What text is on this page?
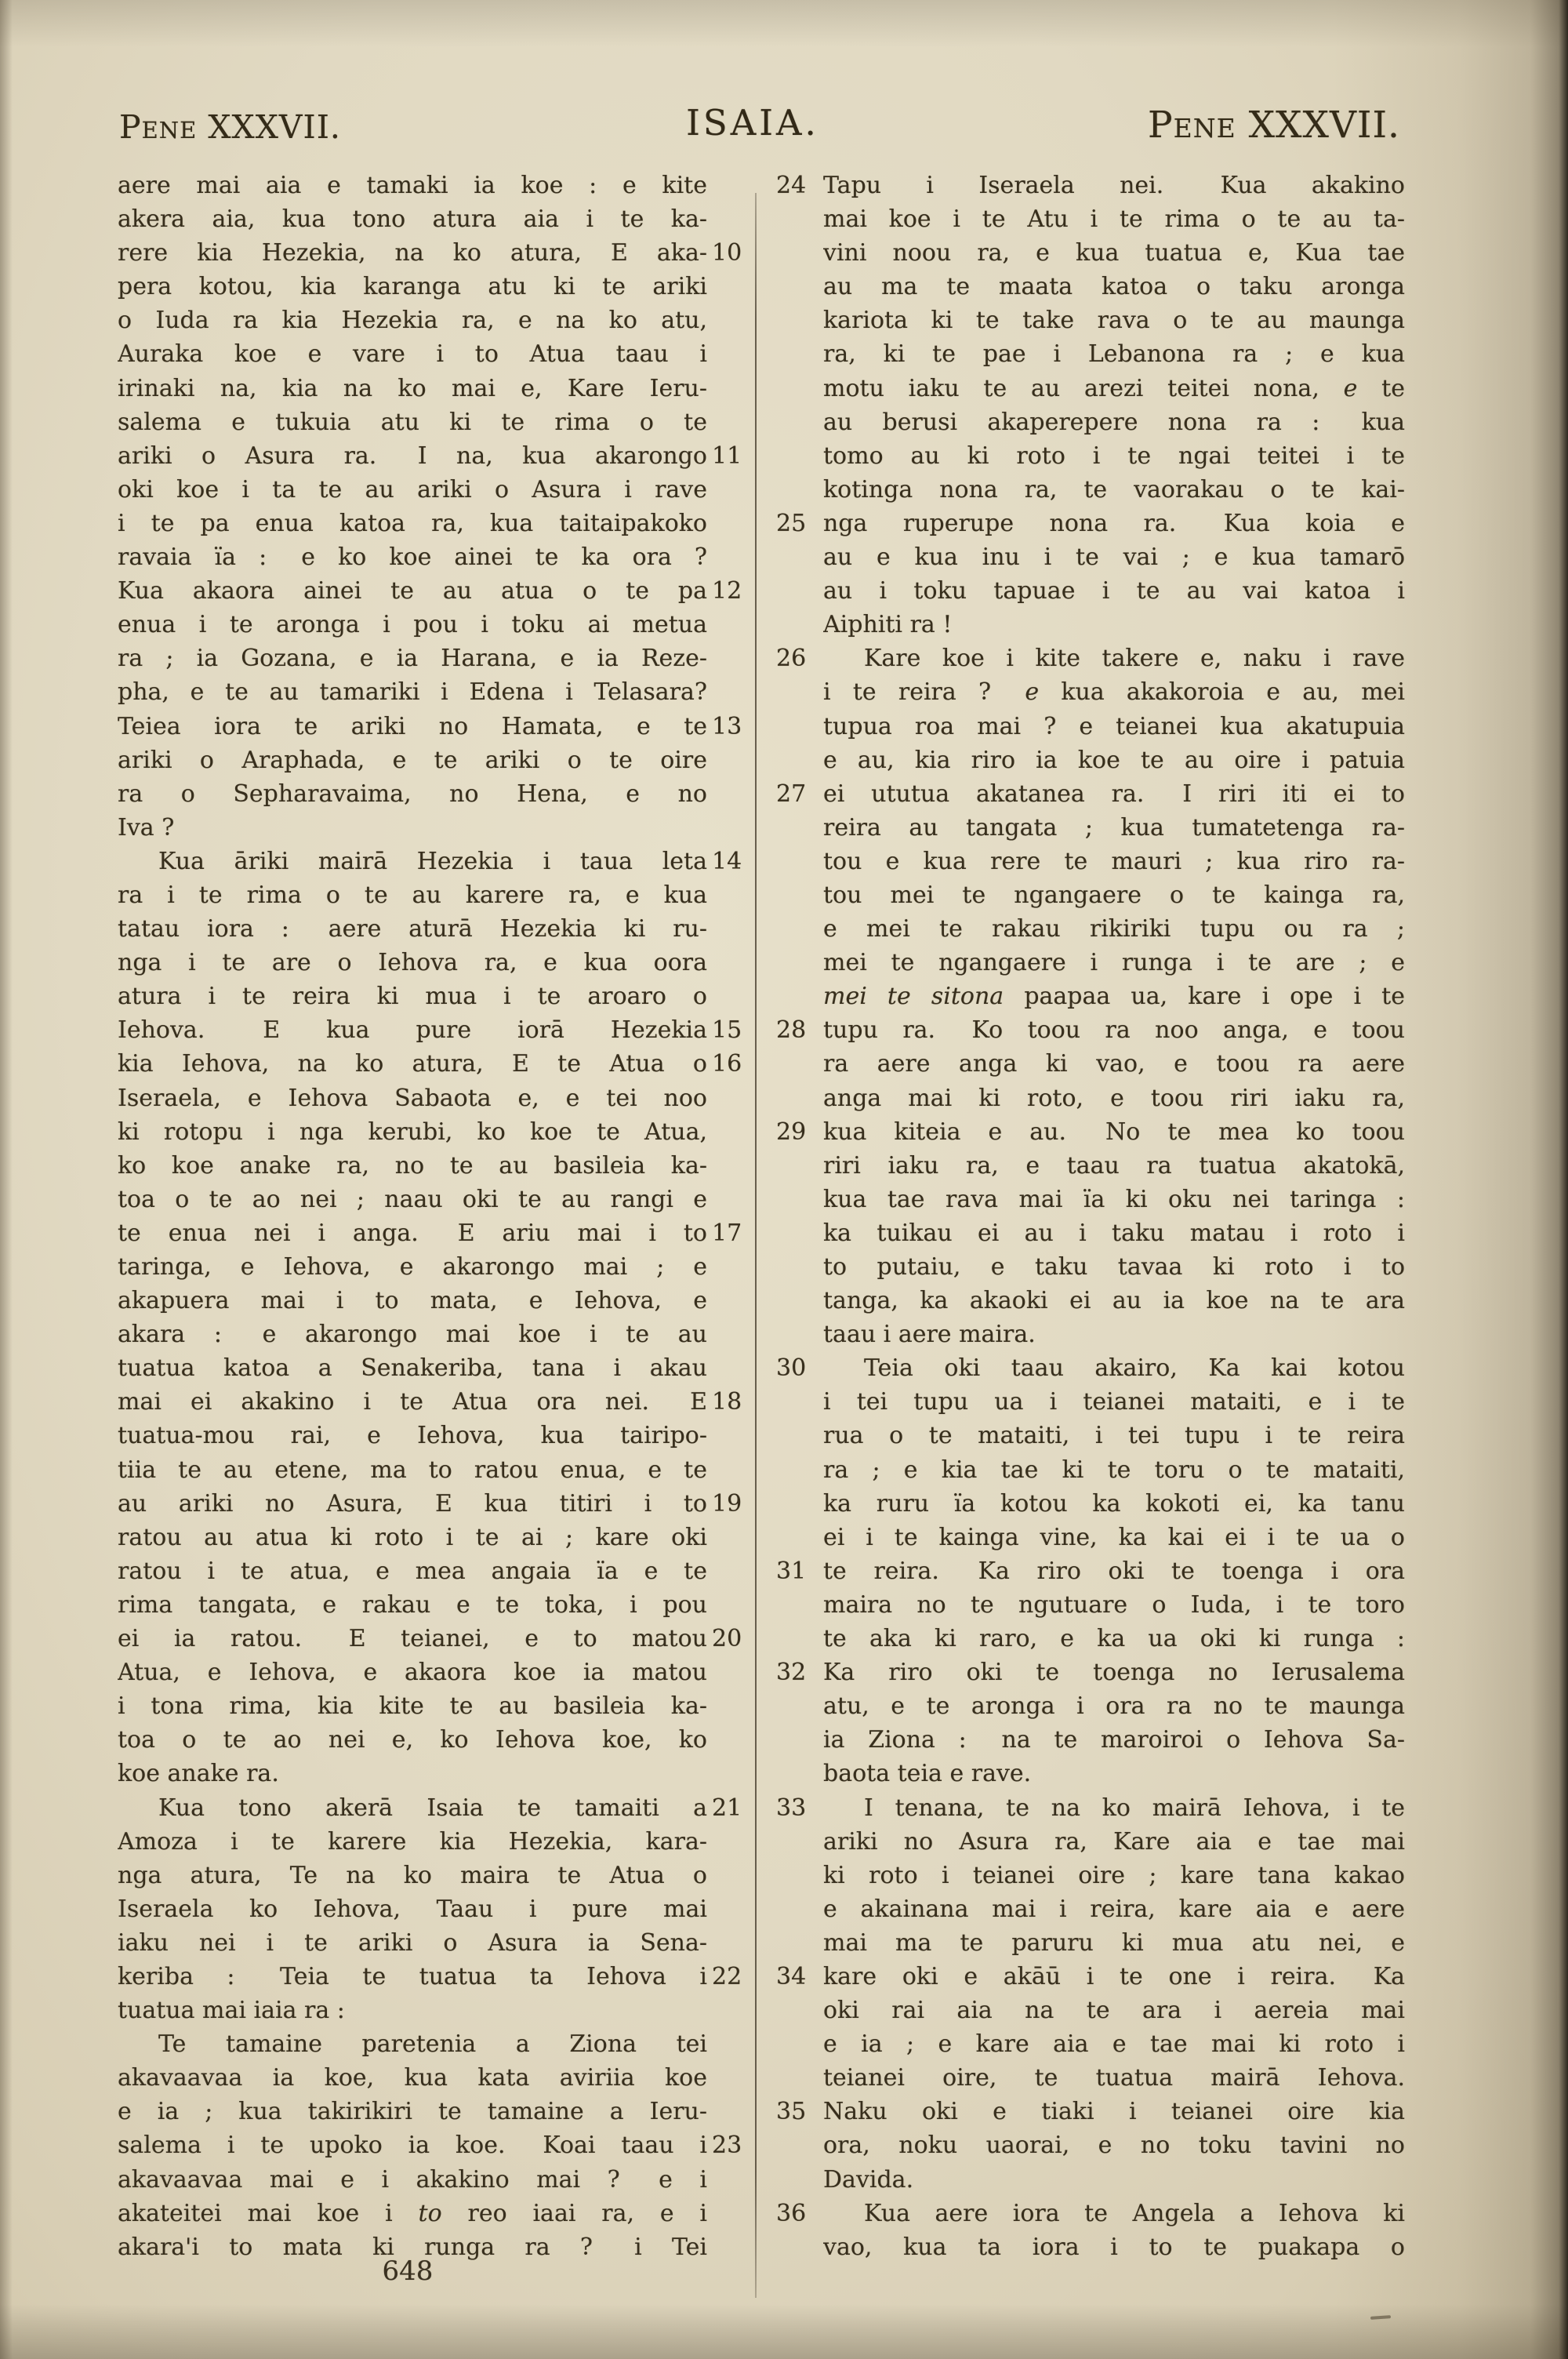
Pene XXXVII.	ISAIA.	Pene XXXVII.
aere mai aia e tamaki ia koe : e kite
akera aia, kua tono atura aia i te ka-
rere kia Hezekia, na ko atura, E aka- 10
pera kotou, kia karanga atu ki te ariki
o Iuda ra kia Hezekia ra, e na ko atu,
Auraka koe e vare i to Atua taau i
irinaki na, kia na ko mai e, Kare Ieru-
salema e tukuia atu ki te rima o te
ariki o Asura ra.  I na, kua akarongo 11
oki koe i ta te au ariki o Asura i rave
i te pa enua katoa ra, kua taitaipakoko
ravaia ïa :  e ko koe ainei te ka ora ?
Kua akaora ainei te au atua o te pa 12
enua i te aronga i pou i toku ai metua
ra ; ia Gozana, e ia Harana, e ia Reze-
pha, e te au tamariki i Edena i Telasara?
Teiea iora te ariki no Hamata, e te 13
ariki o Araphada, e te ariki o te oire
ra o Sepharavaima, no Hena, e no
Iva ?
Kua āriki mairā Hezekia i taua leta 14
ra i te rima o te au karere ra, e kua
tatau iora :  aere aturā Hezekia ki ru-
nga i te are o Iehova ra, e kua oora
atura i te reira ki mua i te aroaro o
Iehova.  E kua pure iorā Hezekia 15
kia Iehova, na ko atura, E te Atua o 16
Iseraela, e Iehova Sabaota e, e tei noo
ki rotopu i nga kerubi, ko koe te Atua,
ko koe anake ra, no te au basileia ka-
toa o te ao nei ; naau oki te au rangi e
te enua nei i anga.  E ariu mai i to 17
taringa, e Iehova, e akarongo mai ; e
akapuera mai i to mata, e Iehova, e
akara :  e akarongo mai koe i te au
tuatua katoa a Senakeriba, tana i akau
mai ei akakino i te Atua ora nei.  E 18
tuatua-mou rai, e Iehova, kua tairipo-
tiia te au etene, ma to ratou enua, e te
au ariki no Asura, E kua titiri i to 19
ratou au atua ki roto i te ai ; kare oki
ratou i te atua, e mea angaia ïa e te
rima tangata, e rakau e te toka, i pou
ei ia ratou.  E teianei, e to matou 20
Atua, e Iehova, e akaora koe ia matou
i tona rima, kia kite te au basileia ka-
toa o te ao nei e, ko Iehova koe, ko
koe anake ra.
Kua tono akerā Isaia te tamaiti a 21
Amoza i te karere kia Hezekia, kara-
nga atura, Te na ko maira te Atua o
Iseraela ko Iehova, Taau i pure mai
iaku nei i te ariki o Asura ia Sena-
keriba :  Teia te tuatua ta Iehova i 22
tuatua mai iaia ra :
Te tamaine paretenia a Ziona tei
akavaavaa ia koe, kua kata aviriia koe
e ia ; kua takirikiri te tamaine a Ieru-
salema i te upoko ia koe.  Koai taau i 23
akavaavaa mai e i akakino mai ?  e i
akateitei mai koe i to reo iaai ra, e i
akara'i to mata ki runga ra ?  i Tei
Tapu i Iseraela nei.  Kua akakino
24
mai koe i te Atu i te rima o te au ta-
vini noou ra, e kua tuatua e, Kua tae
au ma te maata katoa o taku aronga
kariota ki te take rava o te au maunga
ra, ki te pae i Lebanona ra ; e kua
motu iaku te au arezi teitei nona, e te
au berusi akaperepere nona ra :  kua
tomo au ki roto i te ngai teitei i te
kotinga nona ra, te vaorakau o te kai-
nga ruperupe nona ra.  Kua koia e
25
au e kua inu i te vai ; e kua tamarō
au i toku tapuae i te au vai katoa i
Aiphiti ra !
Kare koe i kite takere e, naku i rave
26
i te reira ?  e kua akakoroia e au, mei
tupua roa mai ? e teianei kua akatupuia
e au, kia riro ia koe te au oire i patuia
ei ututua akatanea ra.  I riri iti ei to
27
reira au tangata ; kua tumatetenga ra-
tou e kua rere te mauri ; kua riro ra-
tou mei te ngangaere o te kainga ra,
e mei te rakau rikiriki tupu ou ra ;
mei te ngangaere i runga i te are ; e
mei te sitona paapaa ua, kare i ope i te
tupu ra.  Ko toou ra noo anga, e toou
28
ra aere anga ki vao, e toou ra aere
anga mai ki roto, e toou riri iaku ra,
kua kiteia e au.  No te mea ko toou
29
riri iaku ra, e taau ra tuatua akatokā,
kua tae rava mai ïa ki oku nei taringa :
ka tuikau ei au i taku matau i roto i
to putaiu, e taku tavaa ki roto i to
tanga, ka akaoki ei au ia koe na te ara
taau i aere maira.
Teia oki taau akairo, Ka kai kotou
30
i tei tupu ua i teianei mataiti, e i te
rua o te mataiti, i tei tupu i te reira
ra ; e kia tae ki te toru o te mataiti,
ka ruru ïa kotou ka kokoti ei, ka tanu
ei i te kainga vine, ka kai ei i te ua o
te reira.  Ka riro oki te toenga i ora
31
maira no te ngutuare o Iuda, i te toro
te aka ki raro, e ka ua oki ki runga :
Ka riro oki te toenga no Ierusalema
32
atu, e te aronga i ora ra no te maunga
ia Ziona :  na te maroiroi o Iehova Sa-
baota teia e rave.
I tenana, te na ko mairā Iehova, i te
33
ariki no Asura ra, Kare aia e tae mai
ki roto i teianei oire ; kare tana kakao
e akainana mai i reira, kare aia e aere
mai ma te paruru ki mua atu nei, e
kare oki e akāū i te one i reira.  Ka
34
oki rai aia na te ara i aereia mai
e ia ; e kare aia e tae mai ki roto i
teianei oire, te tuatua mairā Iehova.
Naku oki e tiaki i teianei oire kia
35
ora, noku uaorai, e no toku tavini no
Davida.
Kua aere iora te Angela a Iehova ki
36
vao, kua ta iora i to te puakapa o
648
